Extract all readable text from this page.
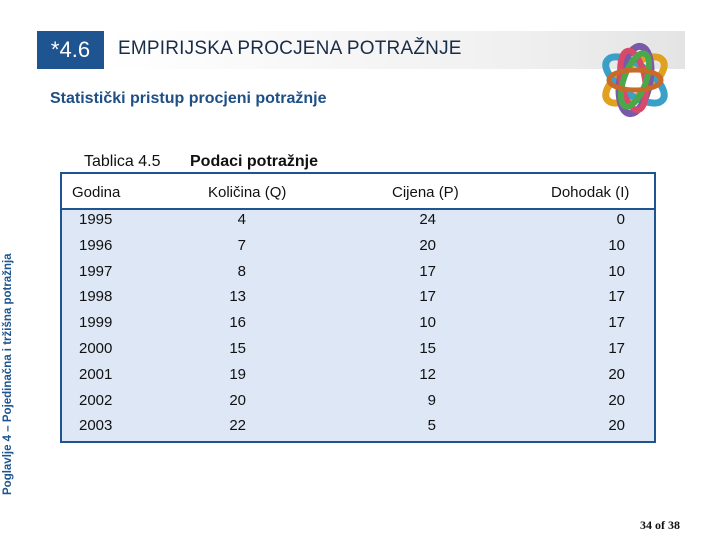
*4.6 EMPIRIJSKA PROCJENA POTRAŽNJE
Statistički pristup procjeni potražnje
Poglavlje 4 – Pojedinačna i tržišna potražnja
Tablica 4.5 Podaci potražnje
Godina	Količina (Q)	Cijena (P)	Dohodak (I)
1995	4	24	0
1996	7	20	10
1997	8	17	10
1998	13	17	17
1999	16	10	17
2000	15	15	17
2001	19	12	20
2002	20	9	20
2003	22	5	20
34 of 38
